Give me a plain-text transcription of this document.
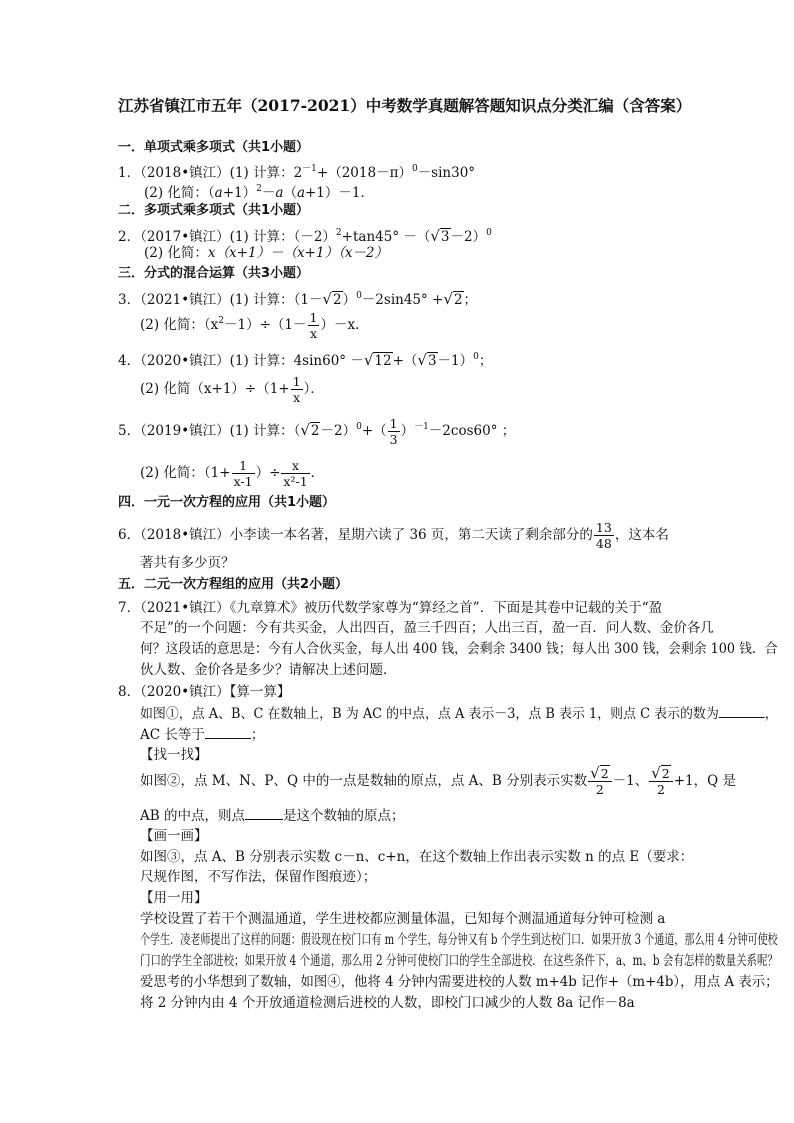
江苏省镇江市五年（2017-2021）中考数学真题解答题知识点分类汇编（含答案）
一．单项式乘多项式（共1小题）
1．（2018•镇江）(1) 计算：$2^{-1}+(2018-\pi)^0-\sin 30^\circ$
(2) 化简：$(a+1)^2-a(a+1)-1$．
二．多项式乘多项式（共1小题）
2．（2017•镇江）(1) 计算：$(-2)^2+\tan 45^\circ -(√3-2)^0$
(2) 化简：x（x+1）－（x+1）（x－2）
三．分式的混合运算（共3小题）
3．（2021•镇江）(1) 计算：$(1-√2)^0-2\sin 45^\circ +√2$；
(2) 化简：$(x^2-1)\div(1- \frac{1}{x} )-x$．
4．（2020•镇江）(1) 计算：$4\sin 60^\circ -√12+(√3-1)^0$；
(2) 化简$(x+1)\div(1+ \frac{1}{x}$ ）．
5．（2019•镇江）(1) 计算：$(√2-2)^0+( \frac{1}{3} )^{-1}-2\cos 60^\circ$ ；
(2) 化简：（$1+ \frac{1}{x-1}$ ）÷ $\frac{x}{\text{x²-1}}$ ．
四．一元一次方程的应用（共1小题）
6．（2018•镇江）小李读一本名著，星期六读了 36 页，第二天读了剩余部分的 $\frac{13}{48}$ ，这本名
著共有多少页？
五．二元一次方程组的应用（共2小题）
7．（2021•镇江）《九章算术》被历代数学家尊为“算经之首”．下面是其卷中记载的关于“盈
不足”的一个问题：今有共买金，人出四百，盈三千四百；人出三百，盈一百．问人数、金价各几
何？这段话的意思是：今有人合伙买金，每人出 400 钱，会剩余 3400 钱；每人出 300 钱，会剩余 100 钱．合
伙人数、金价各是多少？请解决上述问题．
8．（2020•镇江）【算一算】
如图①，点 A、B、C 在数轴上，B 为 AC 的中点，点 A 表示－3，点 B 表示 1，则点 C 表示的数为	，
AC 长等于	；
【找一找】
如图②，点 M、N、P、Q 中的一点是数轴的原点，点 A、B 分别表示实数 $\frac{√2}{2} -1$、 $\frac{√2}{2} +1$，Q 是
AB 的中点，则点	是这个数轴的原点；
【画一画】
如图③，点 A、B 分别表示实数 c－n、c+n，在这个数轴上作出表示实数 n 的点 E（要求：
尺规作图，不写作法，保留作图痕迹）；
【用一用】
学校设置了若干个测温通道，学生进校都应测量体温，已知每个测温通道每分钟可检测 a
个学生．凌老师提出了这样的问题：假设现在校门口有 m 个学生，每分钟又有 b 个学生到达校门口．如果开放 3 个通道，那么用 4 分钟可使校
门口的学生全部进校；如果开放 4 个通道，那么用 2 分钟可使校门口的学生全部进校．在这些条件下，a、m、b 会有怎样的数量关系呢？
爱思考的小华想到了数轴，如图④，他将 4 分钟内需要进校的人数 m+4b 记作+（m+4b），用点 A 表示；
将 2 分钟内由 4 个开放通道检测后进校的人数，即校门口减少的人数 8a 记作－8a
